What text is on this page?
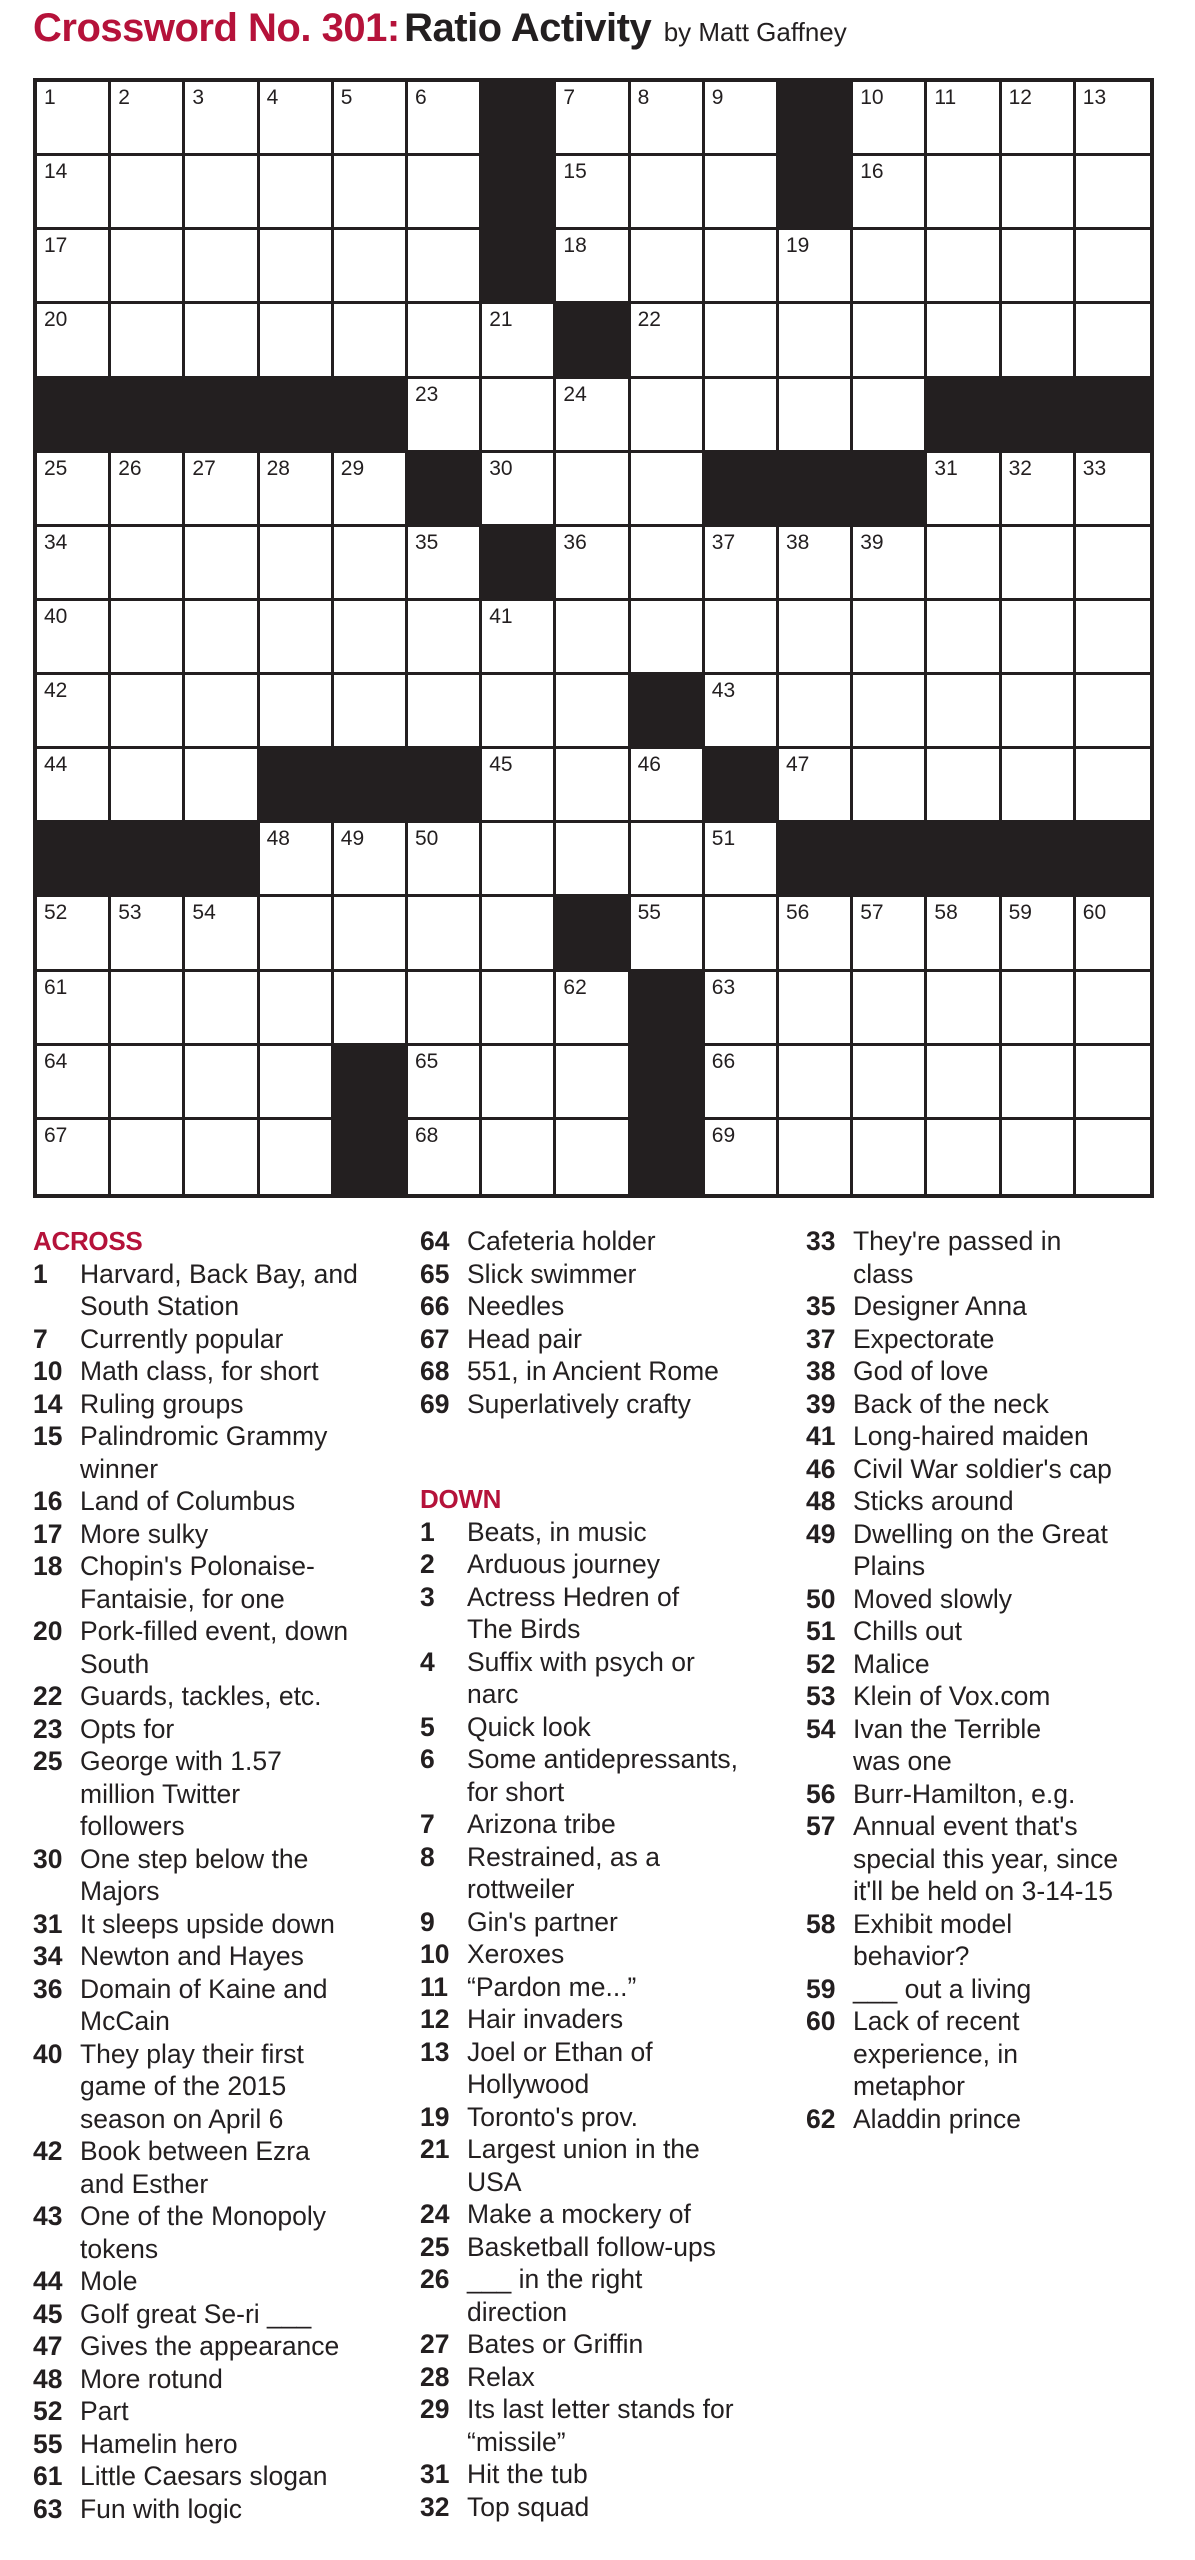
Crossword No. 301: Ratio Activity by Matt Gaffney
1	2	3	4	5	6	7	8	9	10 11 12 13
14	15	16
17	18	19
20	21	22
23	24
25 26 27 28 29	30	31 32 33
34	35	36	37 38 39
40	41
42	43
44	45	46	47
48 49 50	51
52 53 54	55	56 57 58 59 60
61	62	63
64	65	66
67	68	69
ACROSS
1	Harvard, Back Bay, and
South Station
7	Currently popular
10 Math class, for short
14 Ruling groups
15 Palindromic Grammy
winner
16 Land of Columbus
17 More sulky
18 Chopin's Polonaise-
Fantaisie, for one
20 Pork-filled event, down
South
22 Guards, tackles, etc.
23 Opts for
25 George with 1.57
million Twitter
followers
30 One step below the
Majors
31 It sleeps upside down
34 Newton and Hayes
36 Domain of Kaine and
McCain
40 They play their first
game of the 2015
season on April 6
42 Book between Ezra
and Esther
43 One of the Monopoly
tokens
44 Mole
45 Golf great Se-ri ___
47 Gives the appearance
48 More rotund
52 Part
55 Hamelin hero
61 Little Caesars slogan
63 Fun with logic
64 Cafeteria holder
65 Slick swimmer
66 Needles
67 Head pair
68 551, in Ancient Rome
69 Superlatively crafty
DOWN
1	Beats, in music
2	Arduous journey
3	Actress Hedren of
The Birds
4	Suffix with psych or
narc
5	Quick look
6	Some antidepressants,
for short
7	Arizona tribe
8	Restrained, as a
rottweiler
9	Gin's partner
10 Xeroxes
11 “Pardon me...”
12 Hair invaders
13 Joel or Ethan of
Hollywood
19 Toronto's prov.
21 Largest union in the
USA
24 Make a mockery of
25 Basketball follow-ups
26 ___ in the right
direction
27 Bates or Griffin
28 Relax
29 Its last letter stands for
“missile”
31 Hit the tub
32 Top squad
33 They're passed in
class
35 Designer Anna
37 Expectorate
38 God of love
39 Back of the neck
41 Long-haired maiden
46 Civil War soldier's cap
48 Sticks around
49 Dwelling on the Great
Plains
50 Moved slowly
51 Chills out
52 Malice
53 Klein of Vox.com
54 Ivan the Terrible
was one
56 Burr-Hamilton, e.g.
57 Annual event that's
special this year, since
it'll be held on 3-14-15
58 Exhibit model
behavior?
59 ___ out a living
60 Lack of recent
experience, in
metaphor
62 Aladdin prince
